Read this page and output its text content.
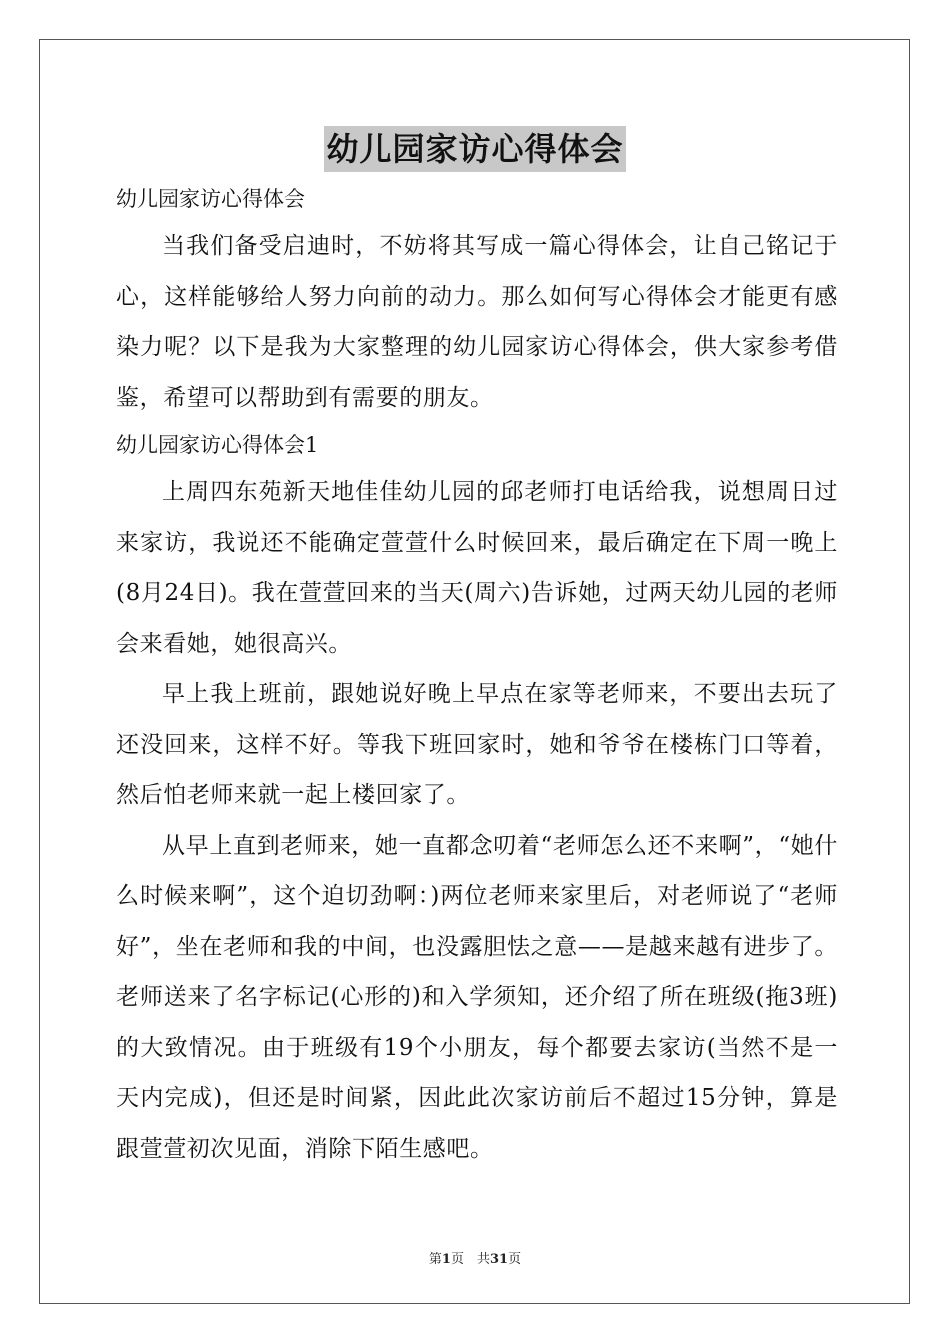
幼儿园家访心得体会

幼儿园家访心得体会

当我们备受启迪时，不妨将其写成一篇心得体会，让自己铭记于心，这样能够给人努力向前的动力。那么如何写心得体会才能更有感染力呢？以下是我为大家整理的幼儿园家访心得体会，供大家参考借鉴，希望可以帮助到有需要的朋友。

幼儿园家访心得体会1

上周四东苑新天地佳佳幼儿园的邱老师打电话给我，说想周日过来家访，我说还不能确定萱萱什么时候回来，最后确定在下周一晚上(8月24日)。我在萱萱回来的当天(周六)告诉她，过两天幼儿园的老师会来看她，她很高兴。

早上我上班前，跟她说好晚上早点在家等老师来，不要出去玩了还没回来，这样不好。等我下班回家时，她和爷爷在楼栋门口等着，然后怕老师来就一起上楼回家了。

从早上直到老师来，她一直都念叨着“老师怎么还不来啊”，“她什么时候来啊”，这个迫切劲啊：)两位老师来家里后，对老师说了“老师好”，坐在老师和我的中间，也没露胆怯之意——是越来越有进步了。老师送来了名字标记(心形的)和入学须知，还介绍了所在班级(拖3班)的大致情况。由于班级有19个小朋友，每个都要去家访(当然不是一天内完成)，但还是时间紧，因此此次家访前后不超过15分钟，算是跟萱萱初次见面，消除下陌生感吧。

第1页　共31页
